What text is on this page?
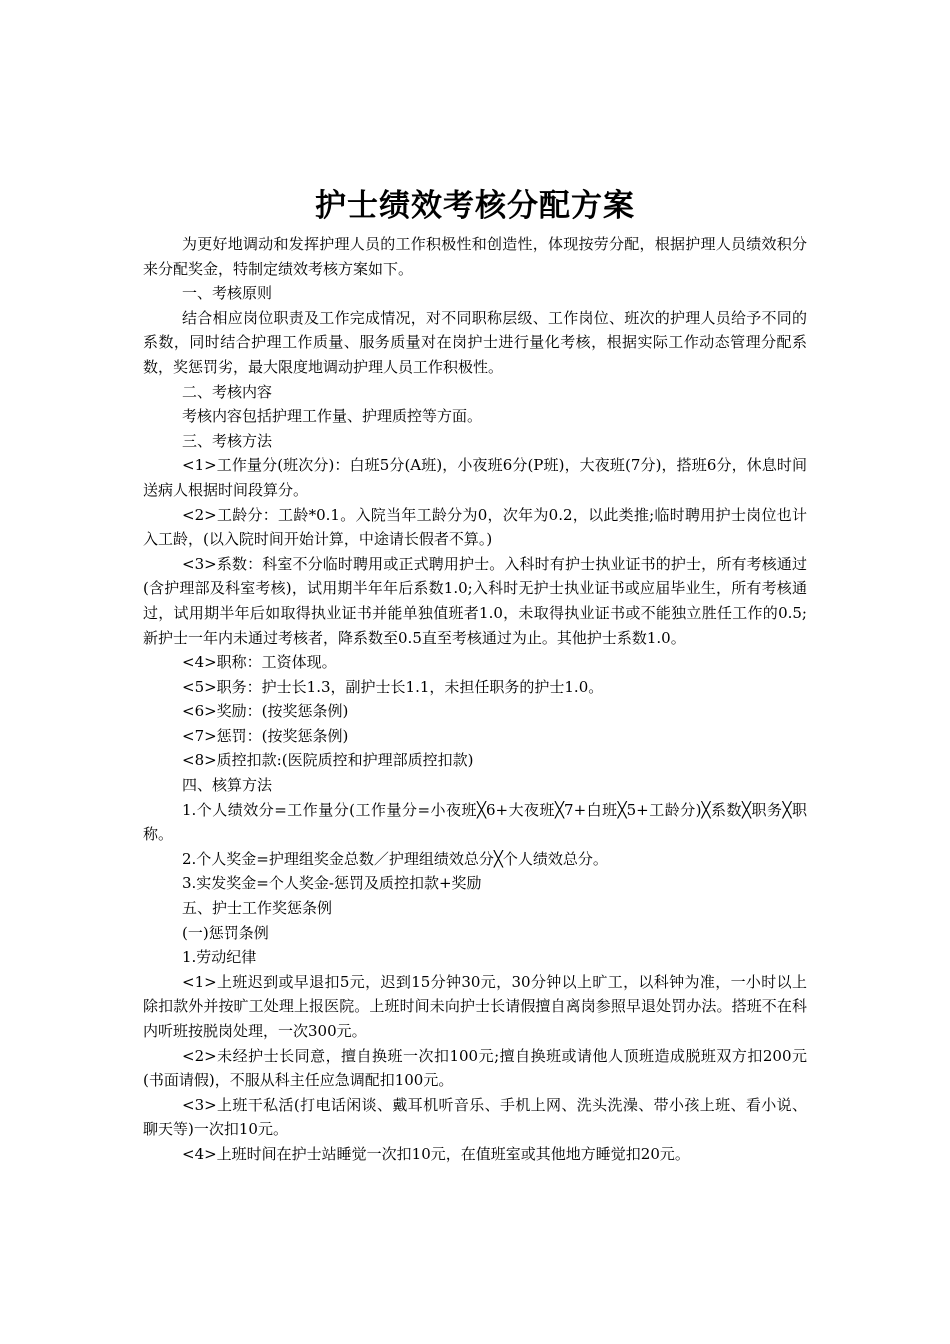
护士绩效考核分配方案

为更好地调动和发挥护理人员的工作积极性和创造性，体现按劳分配，根据护理人员绩效积分来分配奖金，特制定绩效考核方案如下。

一、考核原则

结合相应岗位职责及工作完成情况，对不同职称层级、工作岗位、班次的护理人员给予不同的系数，同时结合护理工作质量、服务质量对在岗护士进行量化考核，根据实际工作动态管理分配系数，奖惩罚劣，最大限度地调动护理人员工作积极性。

二、考核内容

考核内容包括护理工作量、护理质控等方面。

三、考核方法

<1>工作量分(班次分)：白班5分(A班)，小夜班6分(P班)，大夜班(7分)，搭班6分，休息时间送病人根据时间段算分。

<2>工龄分：工龄*0.1。入院当年工龄分为0，次年为0.2，以此类推;临时聘用护士岗位也计入工龄，(以入院时间开始计算，中途请长假者不算。)

<3>系数：科室不分临时聘用或正式聘用护士。入科时有护士执业证书的护士，所有考核通过(含护理部及科室考核)，试用期半年年后系数1.0;入科时无护士执业证书或应届毕业生，所有考核通过，试用期半年后如取得执业证书并能单独值班者1.0，未取得执业证书或不能独立胜任工作的0.5;新护士一年内未通过考核者，降系数至0.5直至考核通过为止。其他护士系数1.0。

<4>职称：工资体现。

<5>职务：护士长1.3，副护士长1.1，未担任职务的护士1.0。

<6>奖励：(按奖惩条例)

<7>惩罚：(按奖惩条例)

<8>质控扣款:(医院质控和护理部质控扣款)

四、核算方法

1.个人绩效分=工作量分(工作量分=小夜班╳6+大夜班╳7+白班╳5+工龄分)╳系数╳职务╳职称。

2.个人奖金=护理组奖金总数／护理组绩效总分╳个人绩效总分。

3.实发奖金=个人奖金-惩罚及质控扣款+奖励

五、护士工作奖惩条例

(一)惩罚条例

1.劳动纪律

<1>上班迟到或早退扣5元，迟到15分钟30元，30分钟以上旷工，以科钟为准，一小时以上除扣款外并按旷工处理上报医院。上班时间未向护士长请假擅自离岗参照早退处罚办法。搭班不在科内听班按脱岗处理，一次300元。

<2>未经护士长同意，擅自换班一次扣100元;擅自换班或请他人顶班造成脱班双方扣200元(书面请假)，不服从科主任应急调配扣100元。

<3>上班干私活(打电话闲谈、戴耳机听音乐、手机上网、洗头洗澡、带小孩上班、看小说、聊天等)一次扣10元。

<4>上班时间在护士站睡觉一次扣10元，在值班室或其他地方睡觉扣20元。
